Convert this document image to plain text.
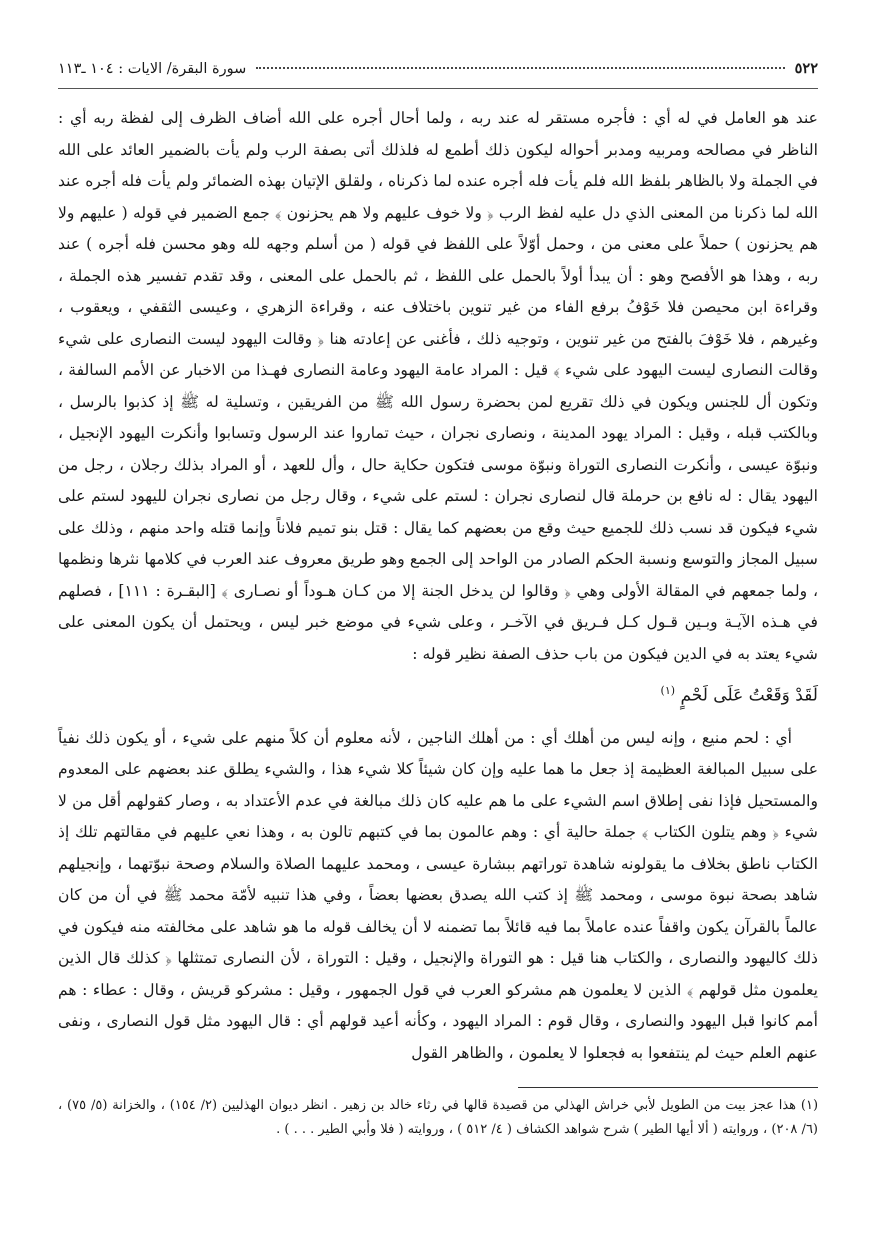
٥٢٢
سورة البقرة/ الايات : ١٠٤ ـ١١٣

عند هو العامل في له أي : فأجره مستقر له عند ربه ، ولما أحال أجره على الله أضاف الظرف إلى لفظة ربه أي : الناظر في مصالحه ومربيه ومدبر أحواله ليكون ذلك أطمع له فلذلك أتى بصفة الرب ولم يأت بالضمير العائد على الله في الجملة ولا بالظاهر بلفظ الله فلم يأت فله أجره عنده لما ذكرناه ، ولقلق الإتيان بهذه الضمائر ولم يأت فله أجره عند الله لما ذكرنا من المعنى الذي دل عليه لفظ الرب ﴿ ولا خوف عليهم ولا هم يحزنون ﴾ جمع الضمير في قوله ( عليهم ولا هم يحزنون ) حملاً على معنى من ، وحمل أوّلاً على اللفظ في قوله ( من أسلم وجهه لله وهو محسن فله أجره ) عند ربه ، وهذا هو الأفصح وهو : أن يبدأ أولاً بالحمل على اللفظ ، ثم بالحمل على المعنى ، وقد تقدم تفسير هذه الجملة ، وقراءة ابن محيصن فلا خَوْفُ برفع الفاء من غير تنوين باختلاف عنه ، وقراءة الزهري ، وعيسى الثقفي ، ويعقوب ، وغيرهم ، فلا خَوْفَ بالفتح من غير تنوين ، وتوجيه ذلك ، فأغنى عن إعادته هنا ﴿ وقالت اليهود ليست النصارى على شيء وقالت النصارى ليست اليهود على شيء ﴾ قيل : المراد عامة اليهود وعامة النصارى فهـذا من الاخبار عن الأمم السالفة ، وتكون أل للجنس ويكون في ذلك تقريع لمن بحضرة رسول الله ﷺ من الفريقين ، وتسلية له ﷺ إذ كذبوا بالرسل ، وبالكتب قبله ، وقيل : المراد يهود المدينة ، ونصارى نجران ، حيث تماروا عند الرسول وتسابوا وأنكرت اليهود الإنجيل ، ونبوّة عيسى ، وأنكرت النصارى التوراة ونبوّة موسى فتكون حكاية حال ، وأل للعهد ، أو المراد بذلك رجلان ، رجل من اليهود يقال : له نافع بن حرملة قال لنصارى نجران : لستم على شيء ، وقال رجل من نصارى نجران لليهود لستم على شيء فيكون قد نسب ذلك للجميع حيث وقع من بعضهم كما يقال : قتل بنو تميم فلاناً وإنما قتله واحد منهم ، وذلك على سبيل المجاز والتوسع ونسبة الحكم الصادر من الواحد إلى الجمع وهو طريق معروف عند العرب في كلامها نثرها ونظمها ، ولما جمعهم في المقالة الأولى وهي ﴿ وقالوا لن يدخل الجنة إلا من كـان هـوداً أو نصـارى ﴾ [البقـرة : ١١١] ، فصلهم في هـذه الآيـة وبـين قـول كـل فـريق في الآخـر ، وعلى شيء في موضع خبر ليس ، ويحتمل أن يكون المعنى على شيء يعتد به في الدين فيكون من باب حذف الصفة نظير قوله :

لَقَدْ وَقَعْتُ عَلَى لَحْمٍ $^{(١)}$

أي : لحم منيع ، وإنه ليس من أهلك أي : من أهلك الناجين ، لأنه معلوم أن كلاً منهم على شيء ، أو يكون ذلك نفياً على سبيل المبالغة العظيمة إذ جعل ما هما عليه وإن كان شيئاً كلا شيء هذا ، والشيء يطلق عند بعضهم على المعدوم والمستحيل فإذا نفى إطلاق اسم الشيء على ما هم عليه كان ذلك مبالغة في عدم الأعتداد به ، وصار كقولهم أقل من لا شيء ﴿ وهم يتلون الكتاب ﴾ جملة حالية أي : وهم عالمون بما في كتبهم تالون به ، وهذا نعي عليهم في مقالتهم تلك إذ الكتاب ناطق بخلاف ما يقولونه شاهدة توراتهم ببشارة عيسى ، ومحمد عليهما الصلاة والسلام وصحة نبوّتهما ، وإنجيلهم شاهد بصحة نبوة موسى ، ومحمد ﷺ إذ كتب الله يصدق بعضها بعضاً ، وفي هذا تنبيه لأمّة محمد ﷺ في أن من كان عالماً بالقرآن يكون واقفاً عنده عاملاً بما فيه قائلاً بما تضمنه لا أن يخالف قوله ما هو شاهد على مخالفته منه فيكون في ذلك كاليهود والنصارى ، والكتاب هنا قيل : هو التوراة والإنجيل ، وقيل : التوراة ، لأن النصارى تمتثلها ﴿ كذلك قال الذين يعلمون مثل قولهم ﴾ الذين لا يعلمون هم مشركو العرب في قول الجمهور ، وقيل : مشركو قريش ، وقال : عطاء : هم أمم كانوا قبل اليهود والنصارى ، وقال قوم : المراد اليهود ، وكأنه أعيد قولهم أي : قال اليهود مثل قول النصارى ، ونفى عنهم العلم حيث لم ينتفعوا به فجعلوا لا يعلمون ، والظاهر القول

(١) هذا عجز بيت من الطويل لأبي خراش الهذلي من قصيدة قالها في رثاء خالد بن زهير . انظر ديوان الهذليين (٢/ ١٥٤) ، والخزانة (٥/ ٧٥) ، (٦/ ٢٠٨) ، وروايته ( ألا أيها الطير ) شرح شواهد الكشاف ( ٤/ ٥١٢ ) ، وروايته ( فلا وأبي الطير . . . ) .
